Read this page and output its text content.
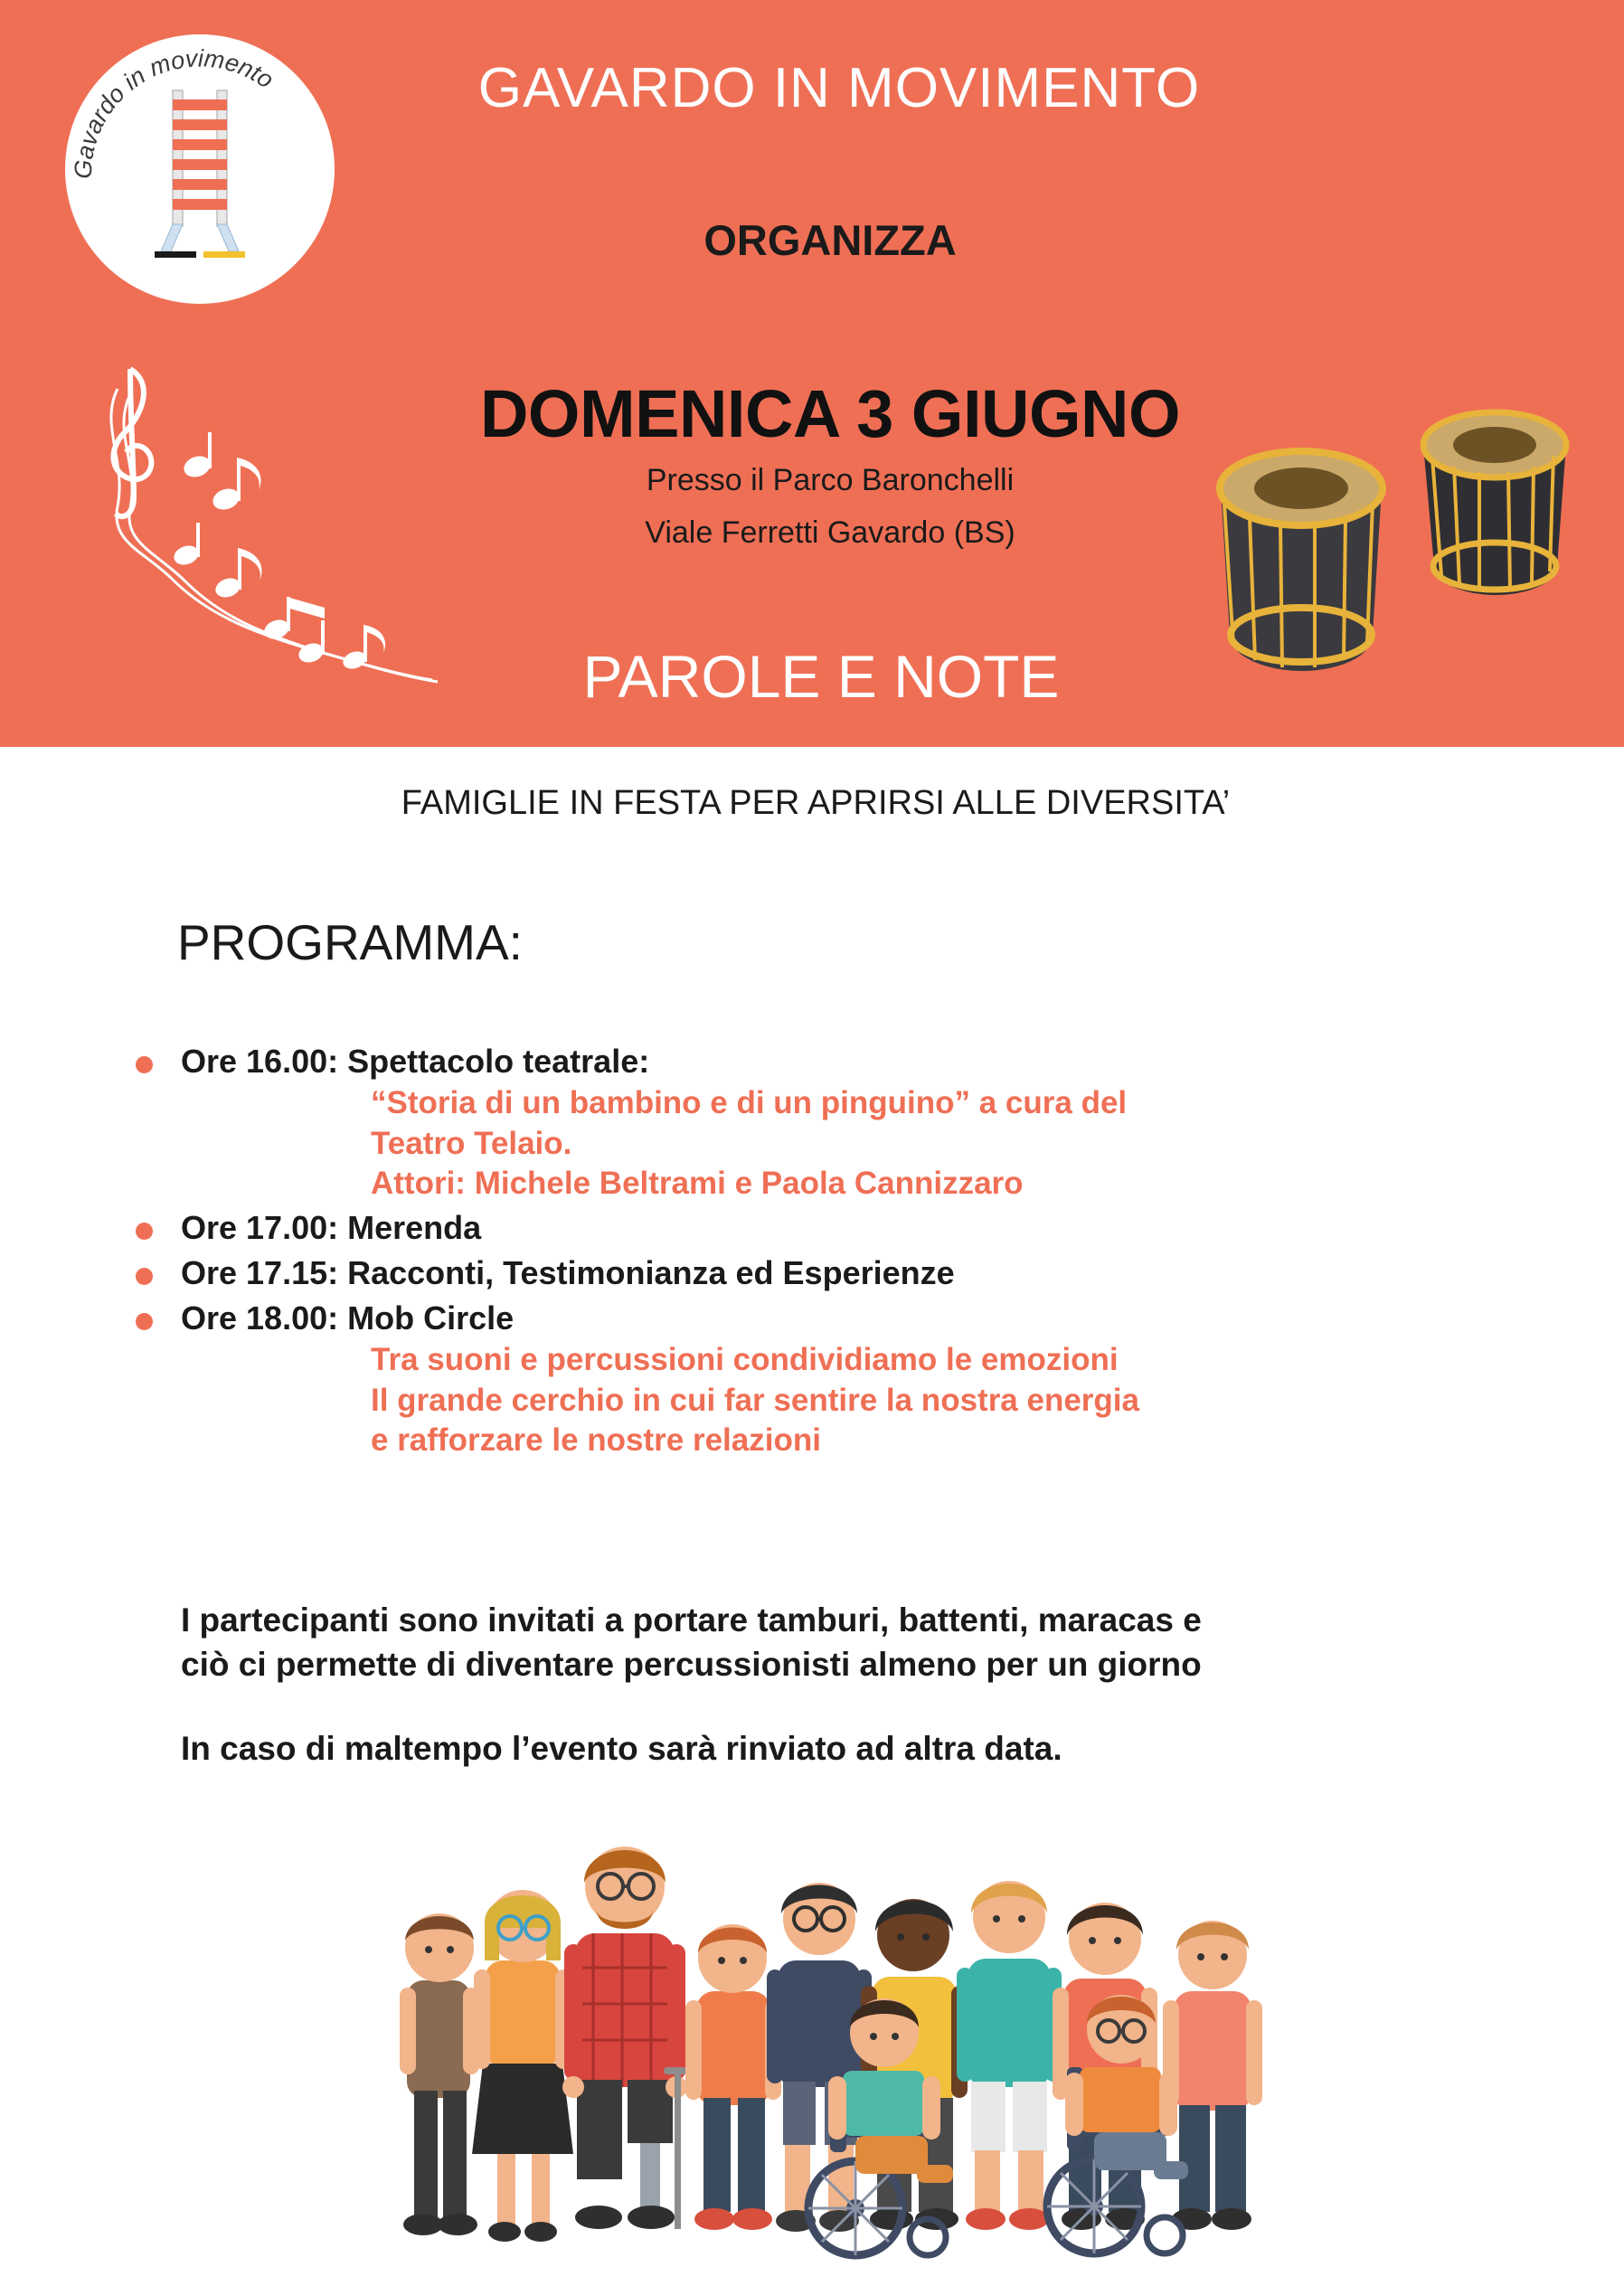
Gavardo in movimento	GAVARDO IN MOVIMENTO
ORGANIZZA
DOMENICA 3 GIUGNO
Presso il Parco Baronchelli
Viale Ferretti Gavardo (BS)
PAROLE E NOTE
FAMIGLIE IN FESTA PER APRIRSI ALLE DIVERSITA’
PROGRAMMA:
Ore 16.00: Spettacolo teatrale:
“Storia di un bambino e di un pinguino” a cura del
Teatro Telaio.
Attori: Michele Beltrami e Paola Cannizzaro
Ore 17.00: Merenda
Ore 17.15: Racconti, Testimonianza ed Esperienze
Ore 18.00: Mob Circle
Tra suoni e percussioni condividiamo le emozioni
Il grande cerchio in cui far sentire la nostra energia
e rafforzare le nostre relazioni
I partecipanti sono invitati a portare tamburi, battenti, maracas e
ciò ci permette di diventare percussionisti almeno per un giorno
In caso di maltempo l’evento sarà rinviato ad altra data.
